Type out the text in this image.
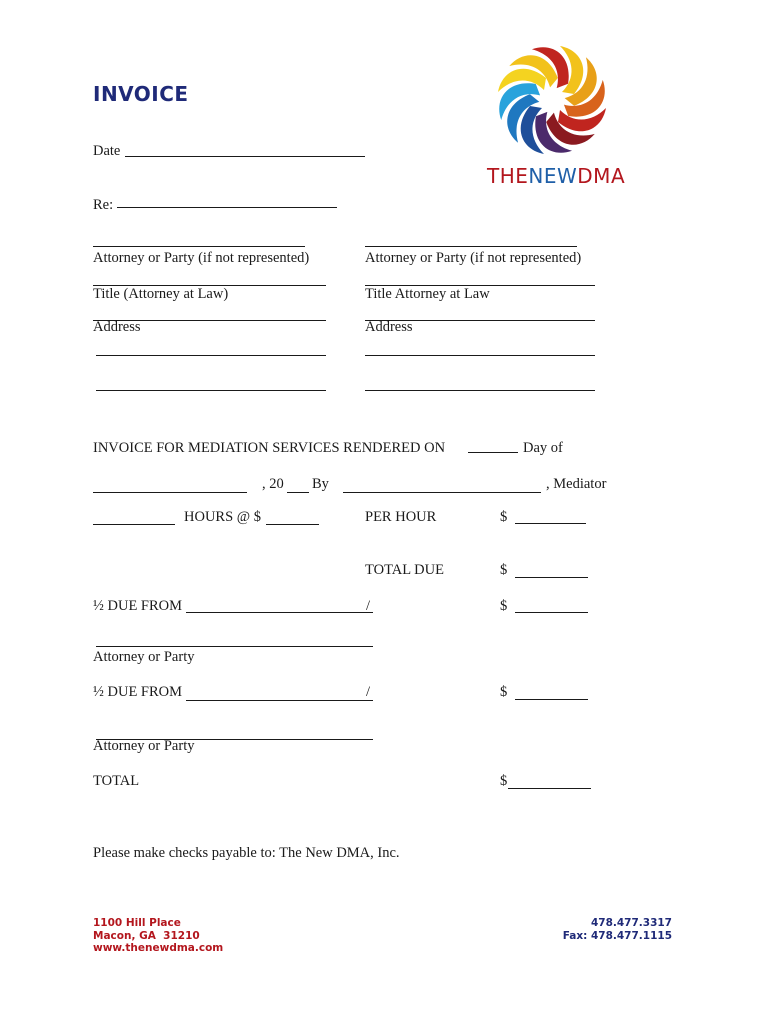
INVOICE
THENEWDMA
Date
Re:
Attorney or Party (if not represented)	Attorney or Party (if not represented)
Title (Attorney at Law)	Title Attorney at Law
Address	Address
INVOICE FOR MEDIATION SERVICES RENDERED ON	Day of
, 20 By	, Mediator
HOURS @ $	PER HOUR	$
TOTAL DUE	$
½ DUE FROM	/	$
Attorney or Party
½ DUE FROM	/	$
Attorney or Party
TOTAL	$
Please make checks payable to: The New DMA, Inc.
1100 Hill Place
Macon, GA  31210
www.thenewdma.com
478.477.3317
Fax: 478.477.1115
